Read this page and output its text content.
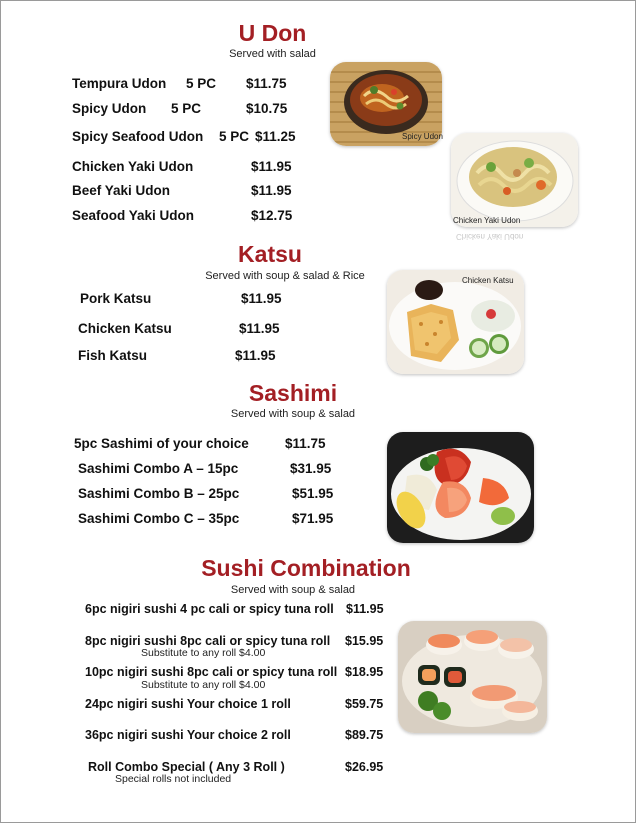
U Don
Served with salad
Tempura Udon 5 PC $11.75
Spicy Udon 5 PC	$10.75
Spicy Seafood Udon 5 PC $11.25
Chicken Yaki Udon	$11.95
Beef Yaki Udon	$11.95
Seafood Yaki Udon	$12.75
Spicy Udon
Chicken Yaki Udon
Chicken Yaki Udon
Katsu
Served with soup & salad & Rice
Pork Katsu	$11.95
Chicken Katsu	$11.95
Fish Katsu	$11.95
Chicken Katsu
Sashimi
Served with soup & salad
5pc Sashimi of your choice	$11.75
Sashimi Combo A – 15pc	$31.95
Sashimi Combo B – 25pc	$51.95
Sashimi Combo C – 35pc	$71.95
Sushi Combination
Served with soup & salad
6pc nigiri sushi 4 pc cali or spicy tuna roll $11.95
8pc nigiri sushi 8pc cali or spicy tuna roll $15.95
Substitute to any roll $4.00
10pc nigiri sushi 8pc cali or spicy tuna roll $18.95
Substitute to any roll $4.00
24pc nigiri sushi Your choice 1 roll	$59.75
36pc nigiri sushi Your choice 2 roll	$89.75
Roll Combo Special ( Any 3 Roll )	$26.95
Special rolls not included
